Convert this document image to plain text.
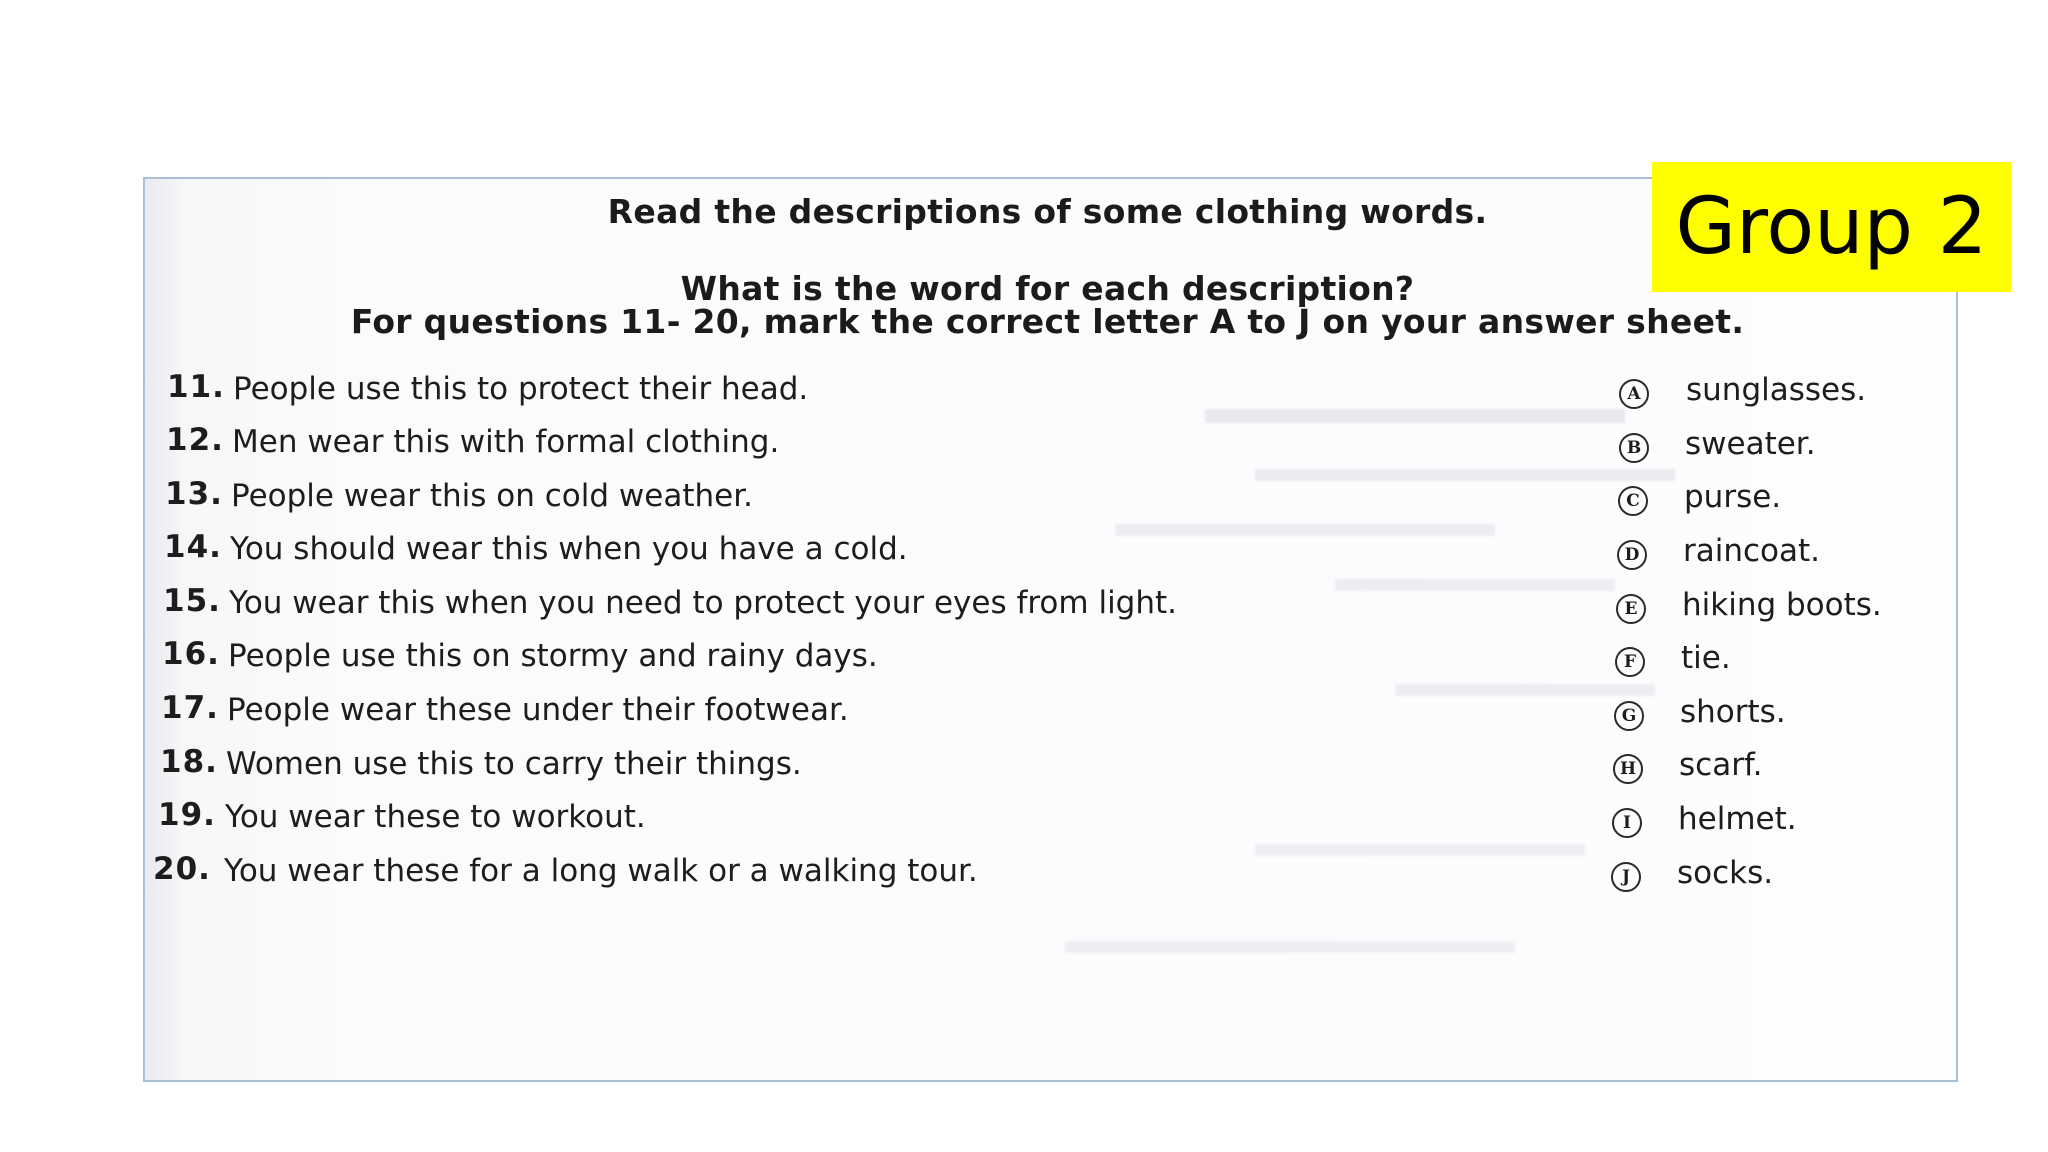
Read the descriptions of some clothing words.
What is the word for each description?
For questions 11- 20, mark the correct letter A to J on your answer sheet.
11. People use this to protect their head.
12. Men wear this with formal clothing.
13. People wear this on cold weather.
14. You should wear this when you have a cold.
15. You wear this when you need to protect your eyes from light.
16. People use this on stormy and rainy days.
17. People wear these under their footwear.
18. Women use this to carry their things.
19. You wear these to workout.
20. You wear these for a long walk or a walking tour.
A sunglasses.
B sweater.
C purse.
D raincoat.
E hiking boots.
F tie.
G shorts.
H scarf.
I	helmet.
J	socks.
Group 2
